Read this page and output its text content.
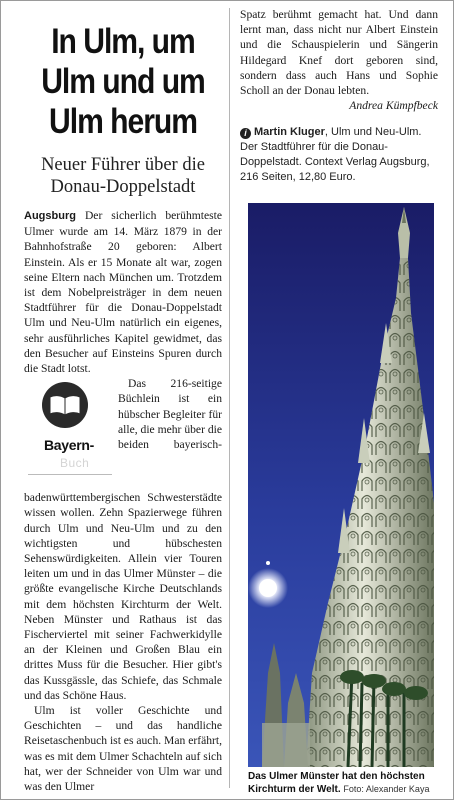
In Ulm, um
Ulm und um
Ulm herum
Neuer Führer über die
Donau-Doppelstadt

Augsburg Der sicherlich berühmteste Ulmer wurde am 14. März 1879 in der Bahnhofstraße 20 geboren: Albert Einstein. Als er 15 Monate alt war, zogen seine Eltern nach München um. Trotzdem ist dem Nobelpreisträger in dem neuen Stadtführer für die Donau-Doppelstadt Ulm und Neu-Ulm natürlich ein eigenes, sehr ausführliches Kapitel gewidmet, das den Besucher auf Einsteins Spuren durch die Stadt lotst.

Bayern-
Buch
Das 216-seitige Büchlein ist ein hübscher Begleiter für alle, die mehr über die beiden bayerisch-badenwürttembergischen Schwesterstädte wissen wollen. Zehn Spazierwege führen durch Ulm und Neu-Ulm und zu den wichtigsten und hübschesten Sehenswürdigkeiten. Allein vier Touren leiten um und in das Ulmer Münster – die größte evangelische Kirche Deutschlands mit dem höchsten Kirchturm der Welt. Neben Münster und Rathaus ist das Fischerviertel mit seiner Fachwerkidylle an der Kleinen und Großen Blau ein drittes Muss für die Besucher. Hier gibt's das Kussgässle, das Schiefe, das Schmale und das Schöne Haus.

Ulm ist voller Geschichte und Geschichten – und das handliche Reisetaschenbuch ist es auch. Man erfährt, was es mit dem Ulmer Schachteln auf sich hat, wer der Schneider von Ulm war und was den Ulmer

Spatz berühmt gemacht hat. Und dann lernt man, dass nicht nur Albert Einstein und die Schauspielerin und Sängerin Hildegard Knef dort geboren sind, sondern dass auch Hans und Sophie Scholl an der Donau lebten.

Andrea Kümpfbeck

i Martin Kluger, Ulm und Neu-Ulm. Der Stadtführer für die Donau-Doppelstadt. Context Verlag Augsburg, 216 Seiten, 12,80 Euro.
Das Ulmer Münster hat den höchsten Kirchturm der Welt. Foto: Alexander Kaya
